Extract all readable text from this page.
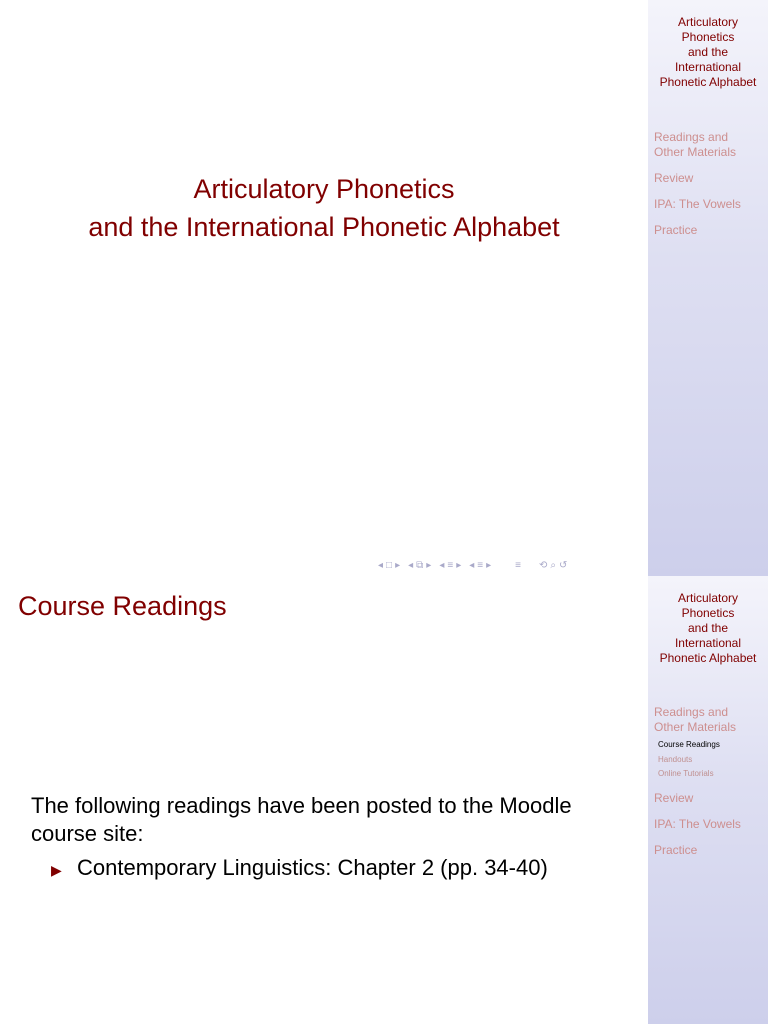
Articulatory
Phonetics
and the
International
Phonetic Alphabet
Readings and
Other Materials
Review
IPA: The Vowels
Practice
Articulatory Phonetics
and the International Phonetic Alphabet
◂ □ ▸ ◂ ⧉ ▸ ◂ ≡ ▸ ◂ ≡ ▸ ≡ ⟲ ⌕ ↺
Articulatory
Phonetics
and the
International
Phonetic Alphabet
Readings and
Other Materials
Course Readings
Handouts
Online Tutorials
Review
IPA: The Vowels
Practice
Course Readings
The following readings have been posted to the Moodle course site:
▶ Contemporary Linguistics: Chapter 2 (pp. 34-40)
